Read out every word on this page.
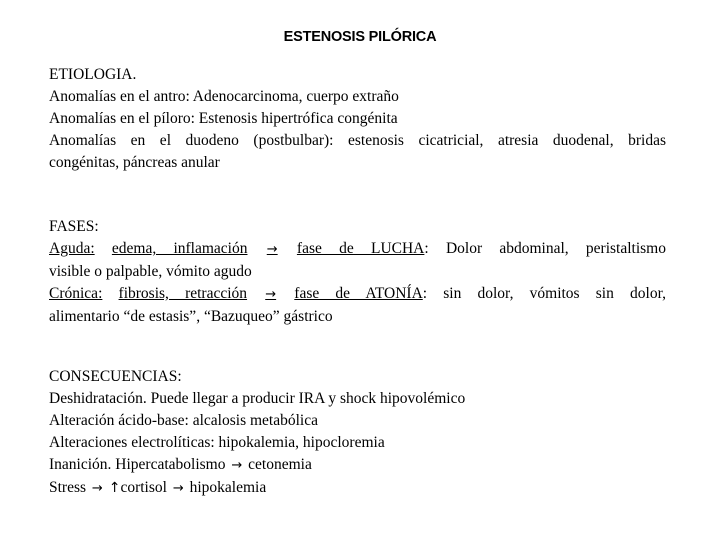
ESTENOSIS PILÓRICA
ETIOLOGIA.
Anomalías en el antro: Adenocarcinoma, cuerpo extraño
Anomalías en el píloro: Estenosis hipertrófica congénita
Anomalías en el duodeno (postbulbar): estenosis cicatricial, atresia duodenal, bridas
congénitas, páncreas anular
FASES:
Aguda: edema, inflamación → fase de LUCHA: Dolor abdominal, peristaltismo
visible o palpable, vómito agudo
Crónica: fibrosis, retracción → fase de ATONÍA: sin dolor, vómitos sin dolor,
alimentario “de estasis”, “Bazuqueo” gástrico
CONSECUENCIAS:
Deshidratación. Puede llegar a producir IRA y shock hipovolémico
Alteración ácido-base: alcalosis metabólica
Alteraciones electrolíticas: hipokalemia, hipocloremia
Inanición. Hipercatabolismo → cetonemia
Stress → ↑cortisol → hipokalemia
